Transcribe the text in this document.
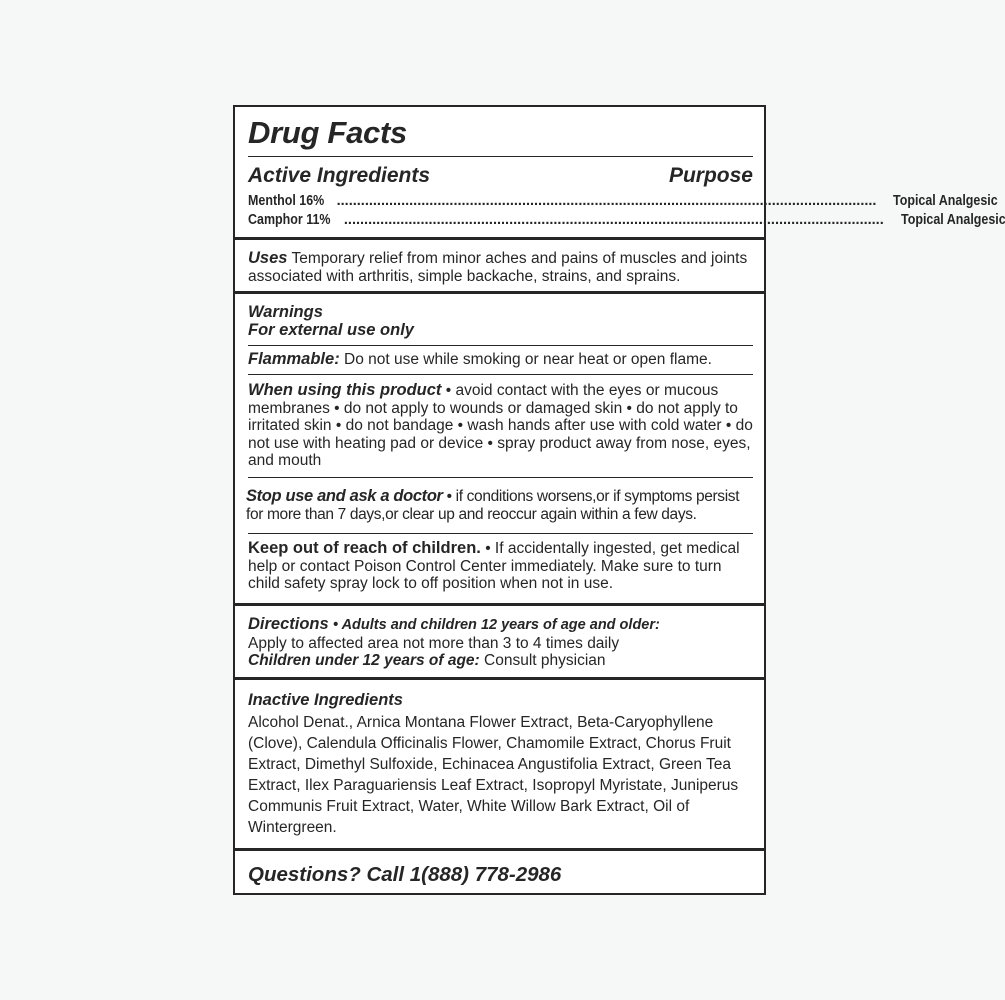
Drug Facts
Active Ingredients	Purpose
Menthol 16% ...................................................................................................................................... Topical Analgesic
Camphor 11% ...................................................................................................................................... Topical Analgesic
Uses Temporary relief from minor aches and pains of muscles and joints associated with arthritis, simple backache, strains, and sprains.
Warnings
For external use only
Flammable: Do not use while smoking or near heat or open flame.
When using this product • avoid contact with the eyes or mucous membranes • do not apply to wounds or damaged skin • do not apply to irritated skin • do not bandage • wash hands after use with cold water • do not use with heating pad or device • spray product away from nose, eyes, and mouth
Stop use and ask a doctor • if conditions worsens,or if symptoms persist for more than 7 days,or clear up and reoccur again within a few days.
Keep out of reach of children. • If accidentally ingested, get medical help or contact Poison Control Center immediately. Make sure to turn child safety spray lock to off position when not in use.
Directions • Adults and children 12 years of age and older:
Apply to affected area not more than 3 to 4 times daily
Children under 12 years of age: Consult physician
Inactive Ingredients
Alcohol Denat., Arnica Montana Flower Extract, Beta-Caryophyllene (Clove), Calendula Officinalis Flower, Chamomile Extract, Chorus Fruit Extract, Dimethyl Sulfoxide, Echinacea Angustifolia Extract, Green Tea Extract, Ilex Paraguariensis Leaf Extract, Isopropyl Myristate, Juniperus Communis Fruit Extract, Water, White Willow Bark Extract, Oil of Wintergreen.
Questions? Call 1(888) 778-2986
